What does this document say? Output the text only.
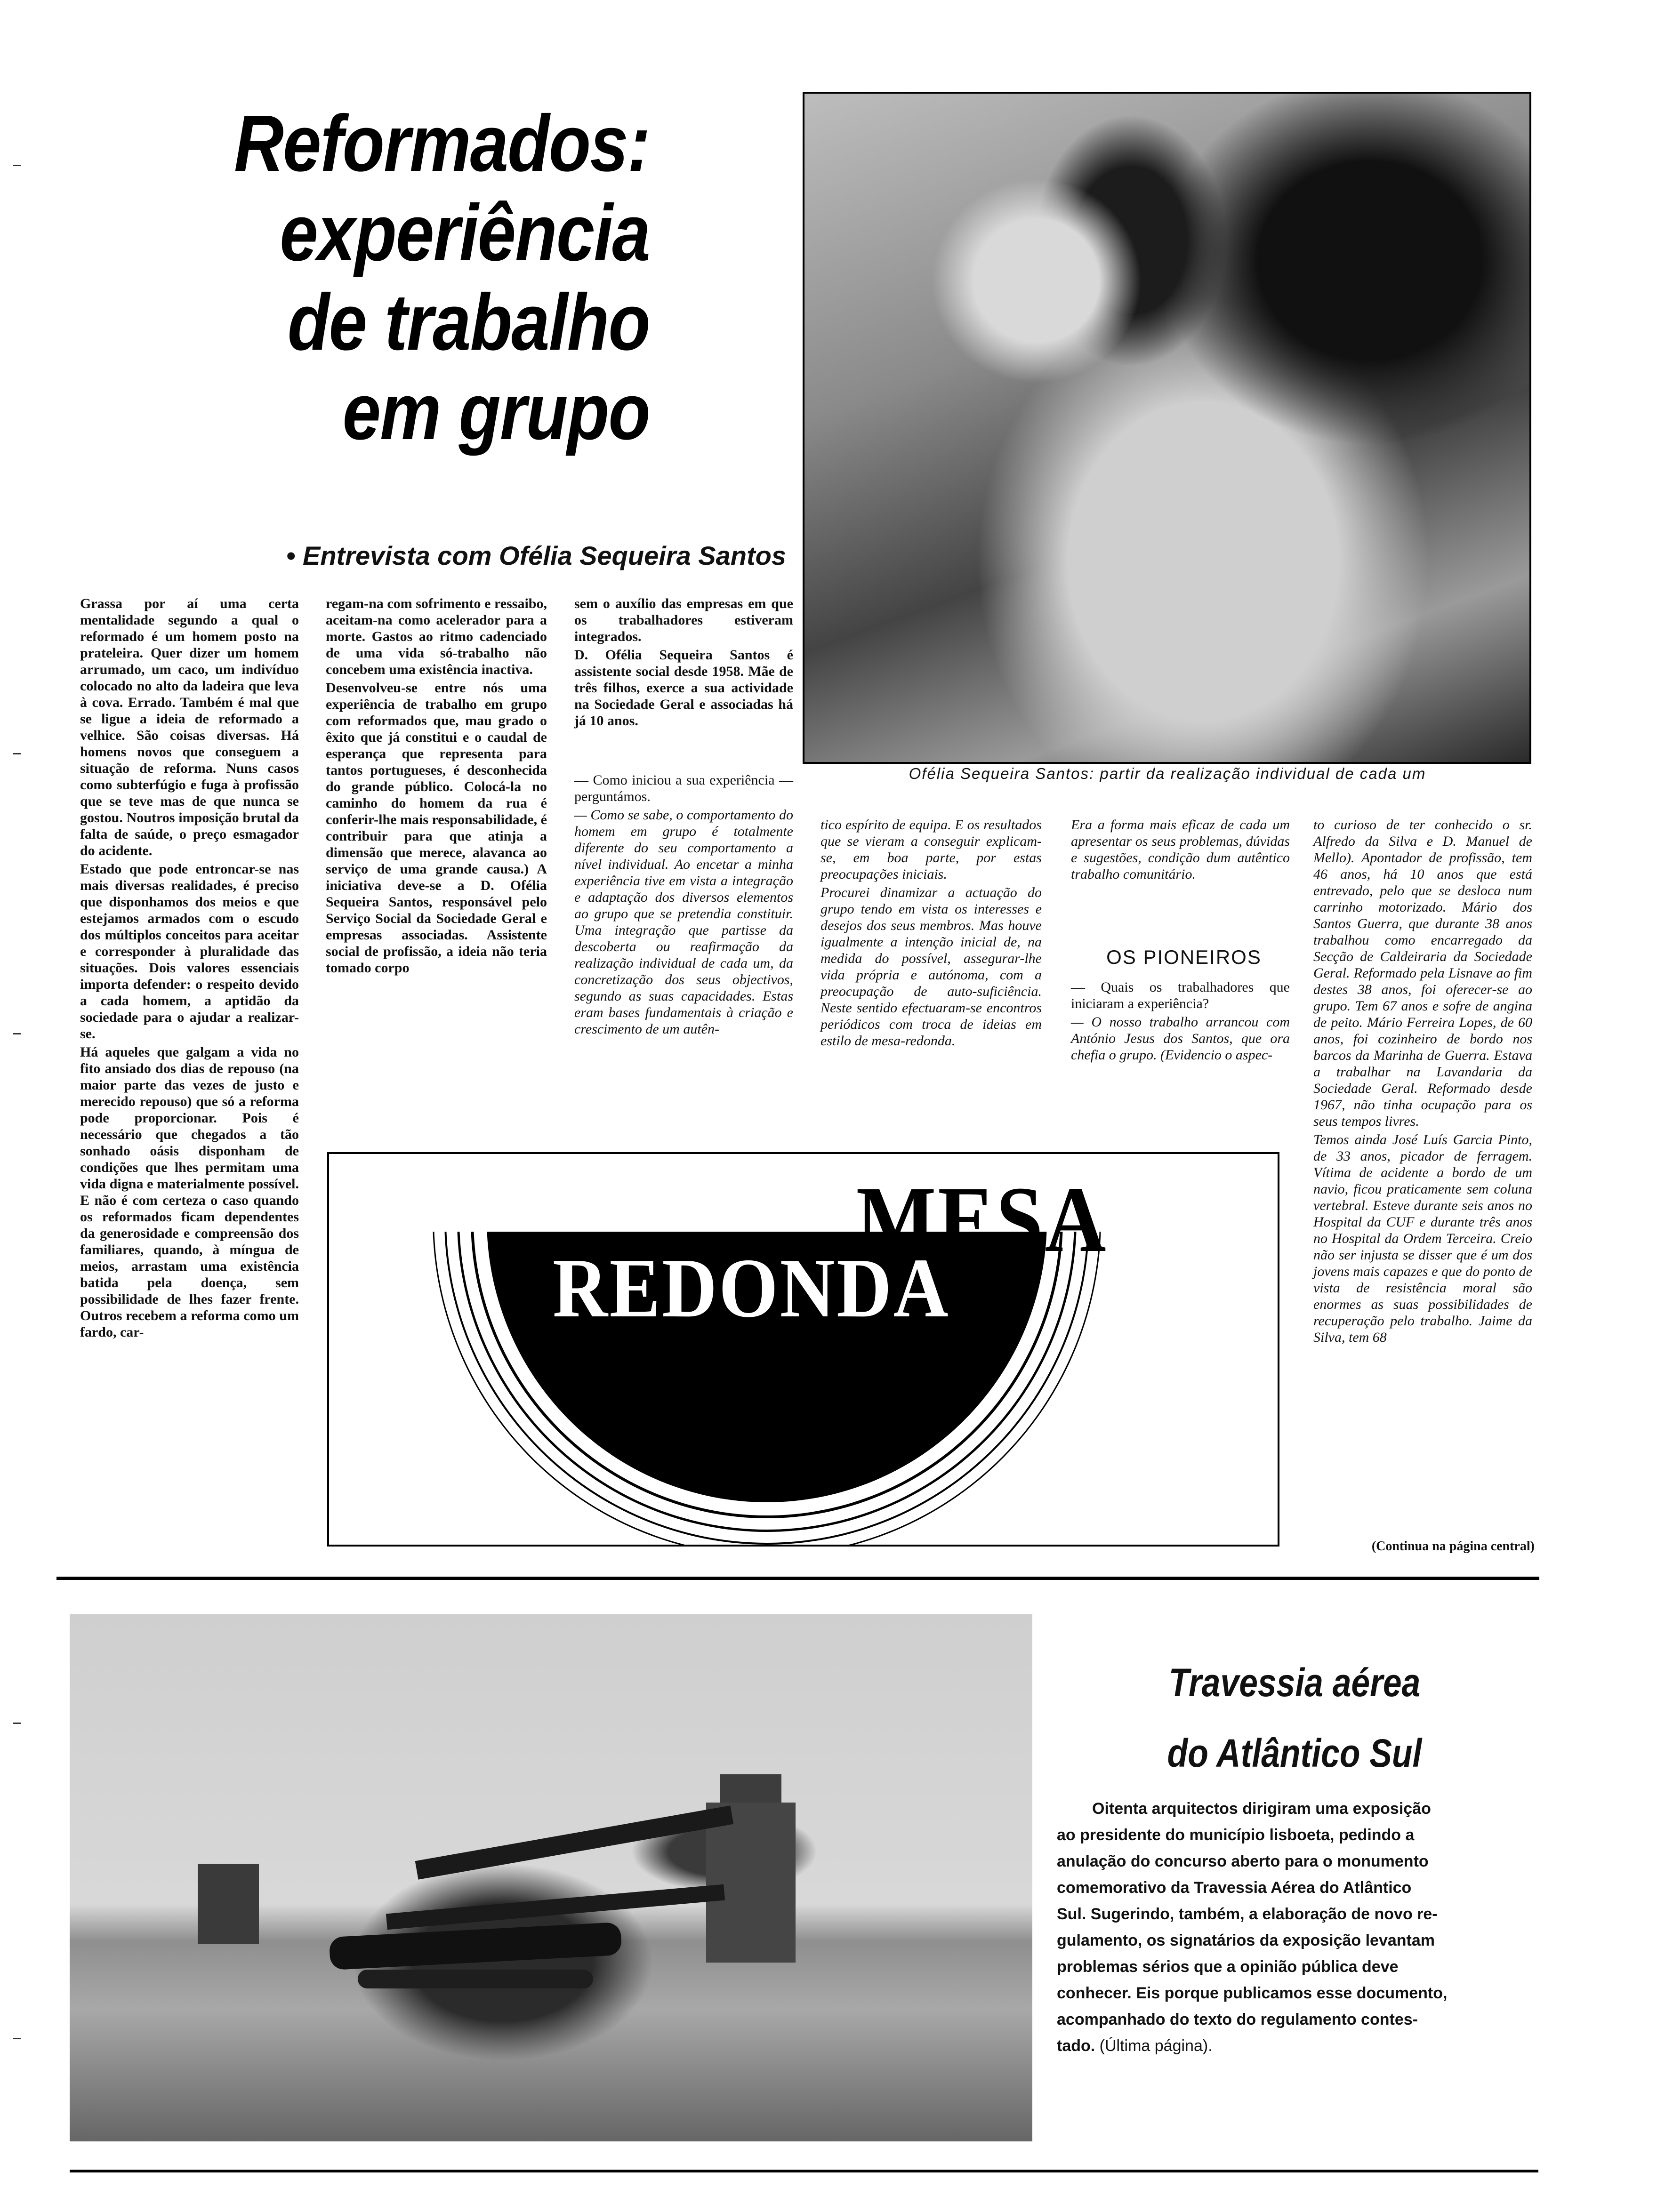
Reformados:
experiência
de trabalho
em grupo
• Entrevista com Ofélia Sequeira Santos
Ofélia Sequeira Santos: partir da realização individual de cada um

Grassa por aí uma certa mentalidade segundo a qual o reformado é um homem posto na prateleira. Quer dizer um homem arrumado, um caco, um indivíduo colocado no alto da ladeira que leva à cova. Errado. Também é mal que se ligue a ideia de reformado a velhice. São coisas diversas. Há homens novos que conseguem a situação de reforma. Nuns casos como subterfúgio e fuga à profissão que se teve mas de que nunca se gostou. Noutros imposição brutal da falta de saúde, o preço esmagador do acidente.

Estado que pode entroncar-se nas mais diversas realidades, é preciso que disponhamos dos meios e que estejamos armados com o escudo dos múltiplos conceitos para aceitar e corresponder à pluralidade das situações. Dois valores essenciais importa defender: o respeito devido a cada homem, a aptidão da sociedade para o ajudar a realizar-se.

Há aqueles que galgam a vida no fito ansiado dos dias de repouso (na maior parte das vezes de justo e merecido repouso) que só a reforma pode proporcionar. Pois é necessário que chegados a tão sonhado oásis disponham de condições que lhes permitam uma vida digna e materialmente possível. E não é com certeza o caso quando os reformados ficam dependentes da generosidade e compreensão dos familiares, quando, à míngua de meios, arrastam uma existência batida pela doença, sem possibilidade de lhes fazer frente. Outros recebem a reforma como um fardo, car-

regam-na com sofrimento e ressaibo, aceitam-na como acelerador para a morte. Gastos ao ritmo cadenciado de uma vida só-trabalho não concebem uma existência inactiva.

Desenvolveu-se entre nós uma experiência de trabalho em grupo com reformados que, mau grado o êxito que já constitui e o caudal de esperança que representa para tantos portugueses, é desconhecida do grande público. Colocá-la no caminho do homem da rua é conferir-lhe mais responsabilidade, é contribuir para que atinja a dimensão que merece, alavanca ao serviço de uma grande causa.) A iniciativa deve-se a D. Ofélia Sequeira Santos, responsável pelo Serviço Social da Sociedade Geral e empresas associadas. Assistente social de profissão, a ideia não teria tomado corpo

sem o auxílio das empresas em que os trabalhadores estiveram integrados.

D. Ofélia Sequeira Santos é assistente social desde 1958. Mãe de três filhos, exerce a sua actividade na Sociedade Geral e associadas há já 10 anos.

— Como iniciou a sua experiência — perguntámos.

— Como se sabe, o comportamento do homem em grupo é totalmente diferente do seu comportamento a nível individual. Ao encetar a minha experiência tive em vista a integração e adaptação dos diversos elementos ao grupo que se pretendia constituir. Uma integração que partisse da descoberta ou reafirmação da realização individual de cada um, da concretização dos seus objectivos, segundo as suas capacidades. Estas eram bases fundamentais à criação e crescimento de um autên-

tico espírito de equipa. E os resultados que se vieram a conseguir explicam-se, em boa parte, por estas preocupações iniciais.

Procurei dinamizar a actuação do grupo tendo em vista os interesses e desejos dos seus membros. Mas houve igualmente a intenção inicial de, na medida do possível, assegurar-lhe vida própria e autónoma, com a preocupação de auto-suficiência. Neste sentido efectuaram-se encontros periódicos com troca de ideias em estilo de mesa-redonda.

Era a forma mais eficaz de cada um apresentar os seus problemas, dúvidas e sugestões, condição dum autêntico trabalho comunitário.

OS PIONEIROS

— Quais os trabalhadores que iniciaram a experiência?

— O nosso trabalho arrancou com António Jesus dos Santos, que ora chefia o grupo. (Evidencio o aspec-

to curioso de ter conhecido o sr. Alfredo da Silva e D. Manuel de Mello). Apontador de profissão, tem 46 anos, há 10 anos que está entrevado, pelo que se desloca num carrinho motorizado. Mário dos Santos Guerra, que durante 38 anos trabalhou como encarregado da Secção de Caldeiraria da Sociedade Geral. Reformado pela Lisnave ao fim destes 38 anos, foi oferecer-se ao grupo. Tem 67 anos e sofre de angina de peito. Mário Ferreira Lopes, de 60 anos, foi cozinheiro de bordo nos barcos da Marinha de Guerra. Estava a trabalhar na Lavandaria da Sociedade Geral. Reformado desde 1967, não tinha ocupação para os seus tempos livres.

Temos ainda José Luís Garcia Pinto, de 33 anos, picador de ferragem. Vítima de acidente a bordo de um navio, ficou praticamente sem coluna vertebral. Esteve durante seis anos no Hospital da CUF e durante três anos no Hospital da Ordem Terceira. Creio não ser injusta se disser que é um dos jovens mais capazes e que do ponto de vista de resistência moral são enormes as suas possibilidades de recuperação pelo trabalho. Jaime da Silva, tem 68

(Continua na página central)
MESA
REDONDA
Travessia aérea
do Atlântico Sul
Oitenta arquitectos dirigiram uma exposição
ao presidente do município lisboeta, pedindo a
anulação do concurso aberto para o monumento
comemorativo da Travessia Aérea do Atlântico
Sul. Sugerindo, também, a elaboração de novo re-
gulamento, os signatários da exposição levantam
problemas sérios que a opinião pública deve
conhecer. Eis porque publicamos esse documento,
acompanhado do texto do regulamento contes-
tado. (Última página).
